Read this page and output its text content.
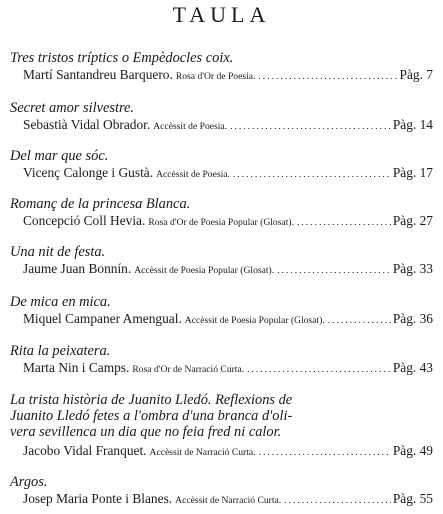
TAULA
Tres tristos tríptics o Empèdocles coix.
Martí Santandreu Barquero. Rosa d'Or de Poesia. . . .	Pàg. 7
Secret amor silvestre.
Sebastià Vidal Obrador. Accèssit de Poesia. . . .	Pàg. 14
Del mar que sóc.
Vicenç Calonge i Gustà. Accèssit de Poesia. . . .	Pàg. 17
Romanç de la princesa Blanca.
Concepció Coll Hevia. Rosa d'Or de Poesia Popular (Glosat). . . .	Pàg. 27
Una nit de festa.
Jaume Juan Bonnín. Accèssit de Poesia Popular (Glosat). . . .	Pàg. 33
De mica en mica.
Miquel Campaner Amengual. Accèssit de Poesia Popular (Glosat). . . .	Pàg. 36
Rita la peixatera.
Marta Nin i Camps. Rosa d'Or de Narració Curta. . . .	Pàg. 43
La trista història de Juanito Lledó. Reflexions de
Juanito Lledó fetes a l'ombra d'una branca d'oli-
vera sevillenca un dia que no feia fred ni calor.
Jacobo Vidal Franquet. Accèssit de Narració Curta. . . .	Pàg. 49
Argos.
Josep Maria Ponte i Blanes. Accèssit de Narració Curta. . . .	Pàg. 55
